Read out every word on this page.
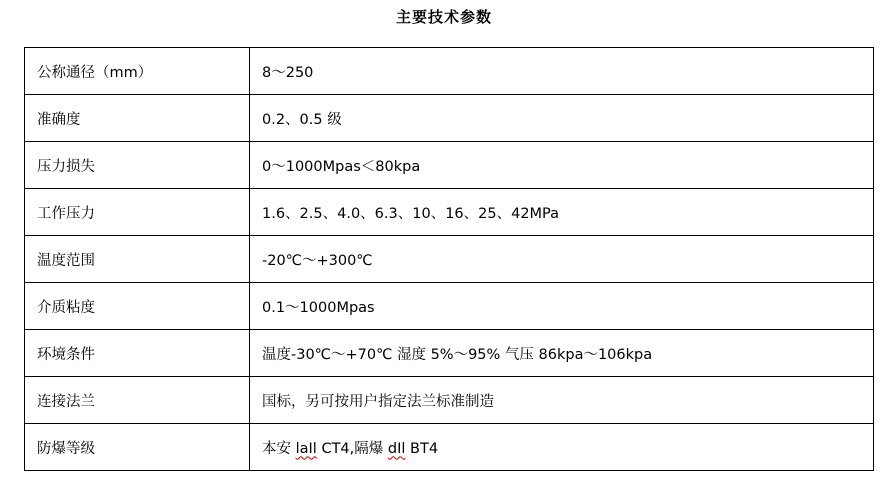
主要技术参数
公称通径（mm）	8～250
准确度	0.2、0.5 级
压力损失	0～1000Mpas＜80kpa
工作压力	1.6、2.5、4.0、6.3、10、16、25、42MPa
温度范围	-20℃～+300℃
介质粘度	0.1～1000Mpas
环境条件	温度-30℃～+70℃ 湿度 5%～95% 气压 86kpa～106kpa
连接法兰	国标，另可按用户指定法兰标准制造
防爆等级	本安 laIl CT4,隔爆 dIl BT4
